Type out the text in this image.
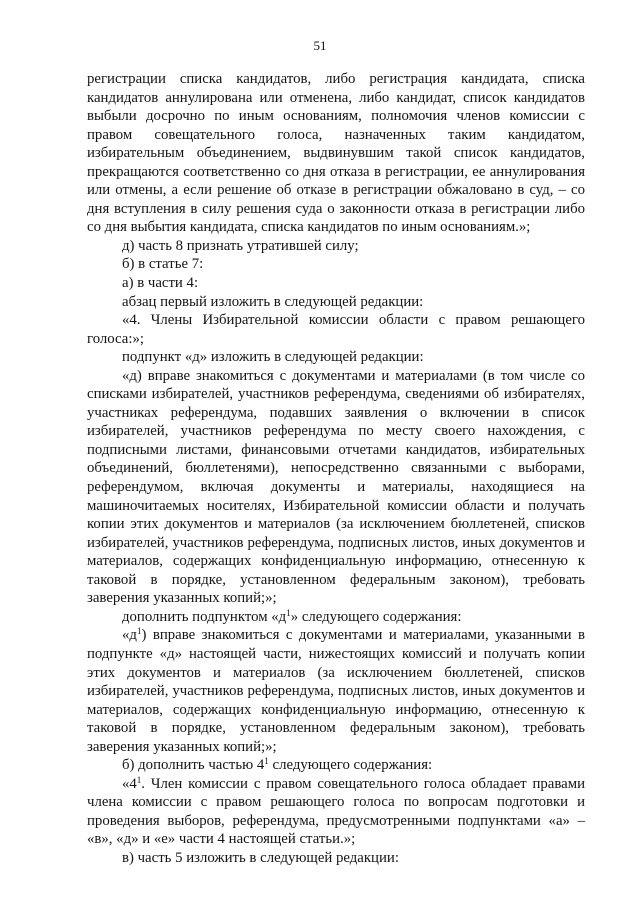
51

регистрации списка кандидатов, либо регистрация кандидата, списка кандидатов аннулирована или отменена, либо кандидат, список кандидатов выбыли досрочно по иным основаниям, полномочия членов комиссии с правом совещательного голоса, назначенных таким кандидатом, избирательным объединением, выдвинувшим такой список кандидатов, прекращаются соответственно со дня отказа в регистрации, ее аннулирования или отмены, а если решение об отказе в регистрации обжаловано в суд, – со дня вступления в силу решения суда о законности отказа в регистрации либо со дня выбытия кандидата, списка кандидатов по иным основаниям.»;

д) часть 8 признать утратившей силу;

б) в статье 7:

а) в части 4:

абзац первый изложить в следующей редакции:

«4. Члены Избирательной комиссии области с правом решающего голоса:»;

подпункт «д» изложить в следующей редакции:

«д) вправе знакомиться с документами и материалами (в том числе со списками избирателей, участников референдума, сведениями об избирателях, участниках референдума, подавших заявления о включении в список избирателей, участников референдума по месту своего нахождения, с подписными листами, финансовыми отчетами кандидатов, избирательных объединений, бюллетенями), непосредственно связанными с выборами, референдумом, включая документы и материалы, находящиеся на машиночитаемых носителях, Избирательной комиссии области и получать копии этих документов и материалов (за исключением бюллетеней, списков избирателей, участников референдума, подписных листов, иных документов и материалов, содержащих конфиденциальную информацию, отнесенную к таковой в порядке, установленном федеральным законом), требовать заверения указанных копий;»;

дополнить подпунктом «$д^1$» следующего содержания:

«$д^1$) вправе знакомиться с документами и материалами, указанными в подпункте «д» настоящей части, нижестоящих комиссий и получать копии этих документов и материалов (за исключением бюллетеней, списков избирателей, участников референдума, подписных листов, иных документов и материалов, содержащих конфиденциальную информацию, отнесенную к таковой в порядке, установленном федеральным законом), требовать заверения указанных копий;»;

б) дополнить частью $4^1$ следующего содержания:

«$4^1$. Член комиссии с правом совещательного голоса обладает правами члена комиссии с правом решающего голоса по вопросам подготовки и проведения выборов, референдума, предусмотренными подпунктами «а» – «в», «д» и «е» части 4 настоящей статьи.»;

в) часть 5 изложить в следующей редакции:
